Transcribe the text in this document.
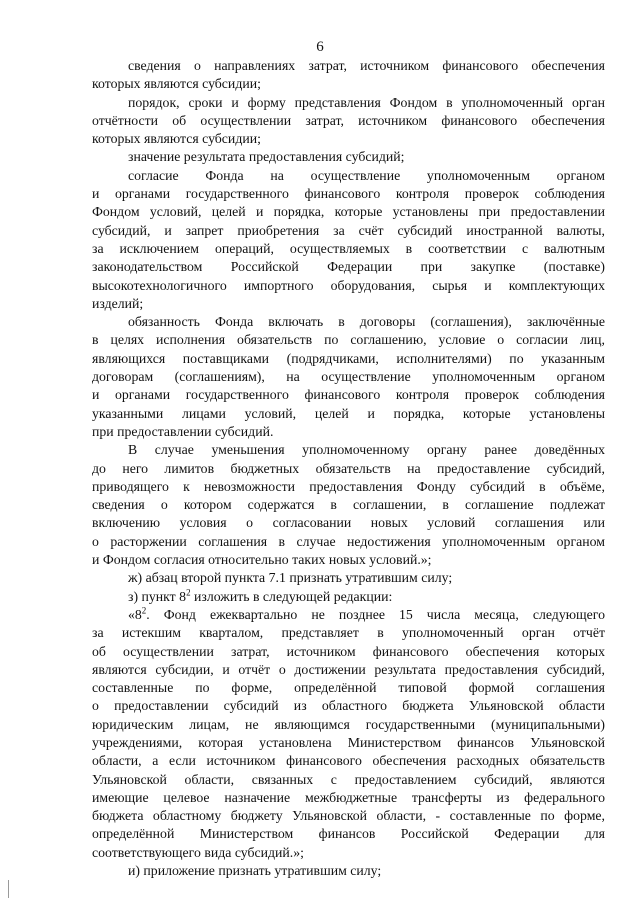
6
сведения о направлениях затрат, источником финансового обеспечения
которых являются субсидии;
порядок, сроки и форму представления Фондом в уполномоченный орган
отчётности об осуществлении затрат, источником финансового обеспечения
которых являются субсидии;
значение результата предоставления субсидий;
согласие Фонда на осуществление уполномоченным органом
и органами государственного финансового контроля проверок соблюдения
Фондом условий, целей и порядка, которые установлены при предоставлении
субсидий, и запрет приобретения за счёт субсидий иностранной валюты,
за исключением операций, осуществляемых в соответствии с валютным
законодательством Российской Федерации при закупке (поставке)
высокотехнологичного импортного оборудования, сырья и комплектующих
изделий;
обязанность Фонда включать в договоры (соглашения), заключённые
в целях исполнения обязательств по соглашению, условие о согласии лиц,
являющихся поставщиками (подрядчиками, исполнителями) по указанным
договорам (соглашениям), на осуществление уполномоченным органом
и органами государственного финансового контроля проверок соблюдения
указанными лицами условий, целей и порядка, которые установлены
при предоставлении субсидий.
В случае уменьшения уполномоченному органу ранее доведённых
до него лимитов бюджетных обязательств на предоставление субсидий,
приводящего к невозможности предоставления Фонду субсидий в объёме,
сведения о котором содержатся в соглашении, в соглашение подлежат
включению условия о согласовании новых условий соглашения или
о расторжении соглашения в случае недостижения уполномоченным органом
и Фондом согласия относительно таких новых условий.»;
ж) абзац второй пункта 7.1 признать утратившим силу;
з) пункт $8^2$ изложить в следующей редакции:
«$8^2$. Фонд ежеквартально не позднее 15 числа месяца, следующего
за истекшим кварталом, представляет в уполномоченный орган отчёт
об осуществлении затрат, источником финансового обеспечения которых
являются субсидии, и отчёт о достижении результата предоставления субсидий,
составленные по форме, определённой типовой формой соглашения
о предоставлении субсидий из областного бюджета Ульяновской области
юридическим лицам, не являющимся государственными (муниципальными)
учреждениями, которая установлена Министерством финансов Ульяновской
области, а если источником финансового обеспечения расходных обязательств
Ульяновской области, связанных с предоставлением субсидий, являются
имеющие целевое назначение межбюджетные трансферты из федерального
бюджета областному бюджету Ульяновской области, - составленные по форме,
определённой Министерством финансов Российской Федерации для
соответствующего вида субсидий.»;
и) приложение признать утратившим силу;
